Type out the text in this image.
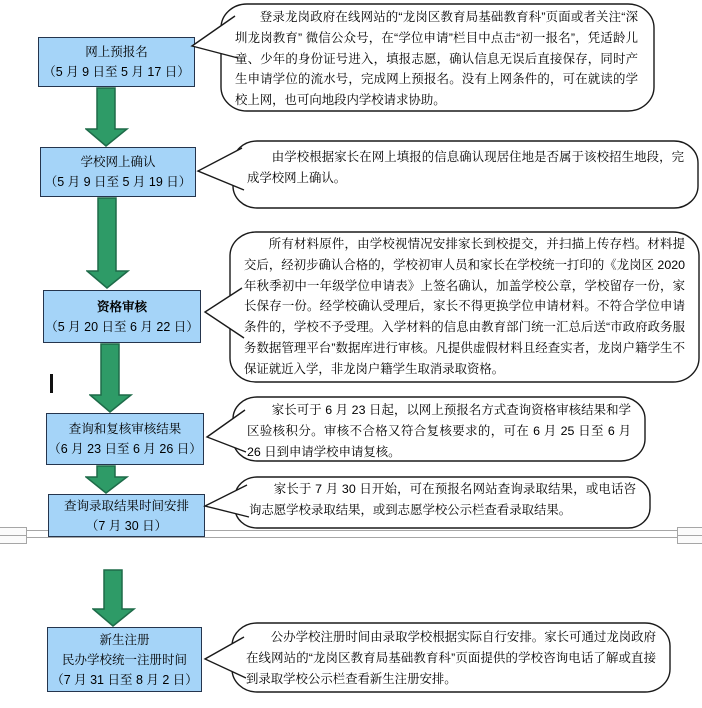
网上预报名
（5 月 9 日至 5 月 17 日）
学校网上确认
（5 月 9 日至 5 月 19 日）
资格审核
（5 月 20 日至 6 月 22 日）
查询和复核审核结果
（6 月 23 日至 6 月 26 日）
查询录取结果时间安排
（7 月 30 日）
新生注册
民办学校统一注册时间
（7 月 31 日至 8 月 2 日）
登录龙岗政府在线网站的“龙岗区教育局基础教育科”页面或者关注“深圳龙岗教育” 微信公众号，在“学位申请”栏目中点击“初一报名”，凭适龄儿童、少年的身份证号进入，填报志愿，确认信息无误后直接保存，同时产生申请学位的流水号，完成网上预报名。没有上网条件的，可在就读的学校上网，也可向地段内学校请求协助。
由学校根据家长在网上填报的信息确认现居住地是否属于该校招生地段，完成学校网上确认。
所有材料原件，由学校视情况安排家长到校提交，并扫描上传存档。材料提交后，经初步确认合格的，学校初审人员和家长在学校统一打印的《龙岗区 2020 年秋季初中一年级学位申请表》上签名确认，加盖学校公章，学校留存一份，家长保存一份。经学校确认受理后，家长不得更换学位申请材料。不符合学位申请条件的，学校不予受理。入学材料的信息由教育部门统一汇总后送“市政府政务服务数据管理平台”数据库进行审核。凡提供虚假材料且经查实者，龙岗户籍学生不保证就近入学，非龙岗户籍学生取消录取资格。
家长可于 6 月 23 日起，以网上预报名方式查询资格审核结果和学区验核积分。审核不合格又符合复核要求的，可在 6 月 25 日至 6 月 26 日到申请学校申请复核。
家长于 7 月 30 日开始，可在预报名网站查询录取结果，或电话咨询志愿学校录取结果，或到志愿学校公示栏查看录取结果。
公办学校注册时间由录取学校根据实际自行安排。家长可通过龙岗政府在线网站的“龙岗区教育局基础教育科”页面提供的学校咨询电话了解或直接到录取学校公示栏查看新生注册安排。
